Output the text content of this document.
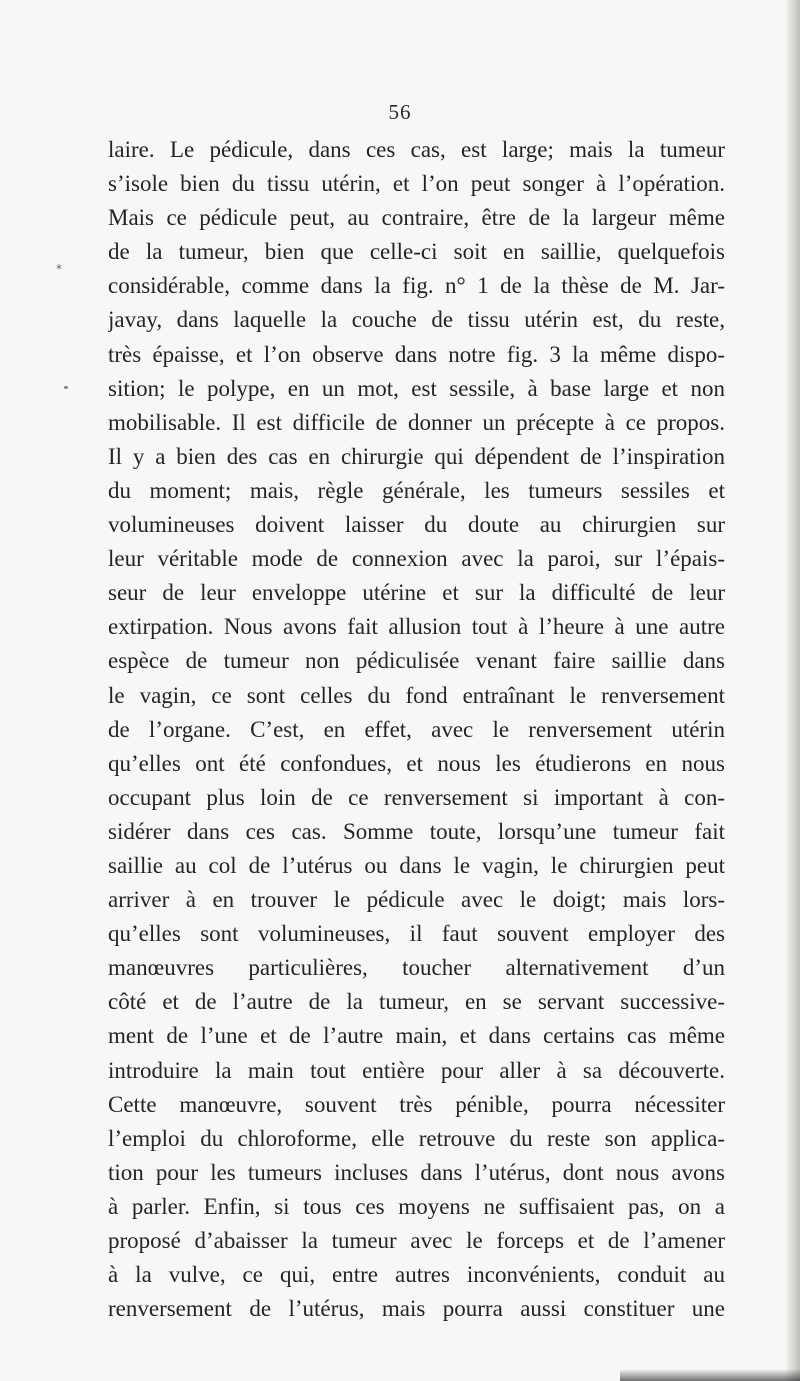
56
*
laire. Le pédicule, dans ces cas, est large; mais la tumeur
s’isole bien du tissu utérin, et l’on peut songer à l’opération.
Mais ce pédicule peut, au contraire, être de la largeur même
de la tumeur, bien que celle-ci soit en saillie, quelquefois
considérable, comme dans la fig. n° 1 de la thèse de M. Jar-
javay, dans laquelle la couche de tissu utérin est, du reste,
très épaisse, et l’on observe dans notre fig. 3 la même dispo-
sition; le polype, en un mot, est sessile, à base large et non
mobilisable. Il est difficile de donner un précepte à ce propos.
Il y a bien des cas en chirurgie qui dépendent de l’inspiration
du moment; mais, règle générale, les tumeurs sessiles et
volumineuses doivent laisser du doute au chirurgien sur
leur véritable mode de connexion avec la paroi, sur l’épais-
seur de leur enveloppe utérine et sur la difficulté de leur
extirpation. Nous avons fait allusion tout à l’heure à une autre
espèce de tumeur non pédiculisée venant faire saillie dans
le vagin, ce sont celles du fond entraînant le renversement
de l’organe. C’est, en effet, avec le renversement utérin
qu’elles ont été confondues, et nous les étudierons en nous
occupant plus loin de ce renversement si important à con-
sidérer dans ces cas. Somme toute, lorsqu’une tumeur fait
saillie au col de l’utérus ou dans le vagin, le chirurgien peut
arriver à en trouver le pédicule avec le doigt; mais lors-
qu’elles sont volumineuses, il faut souvent employer des
manœuvres particulières, toucher alternativement d’un
côté et de l’autre de la tumeur, en se servant successive-
ment de l’une et de l’autre main, et dans certains cas même
introduire la main tout entière pour aller à sa découverte.
Cette manœuvre, souvent très pénible, pourra nécessiter
l’emploi du chloroforme, elle retrouve du reste son applica-
tion pour les tumeurs incluses dans l’utérus, dont nous avons
à parler. Enfin, si tous ces moyens ne suffisaient pas, on a
proposé d’abaisser la tumeur avec le forceps et de l’amener
à la vulve, ce qui, entre autres inconvénients, conduit au
renversement de l’utérus, mais pourra aussi constituer une
